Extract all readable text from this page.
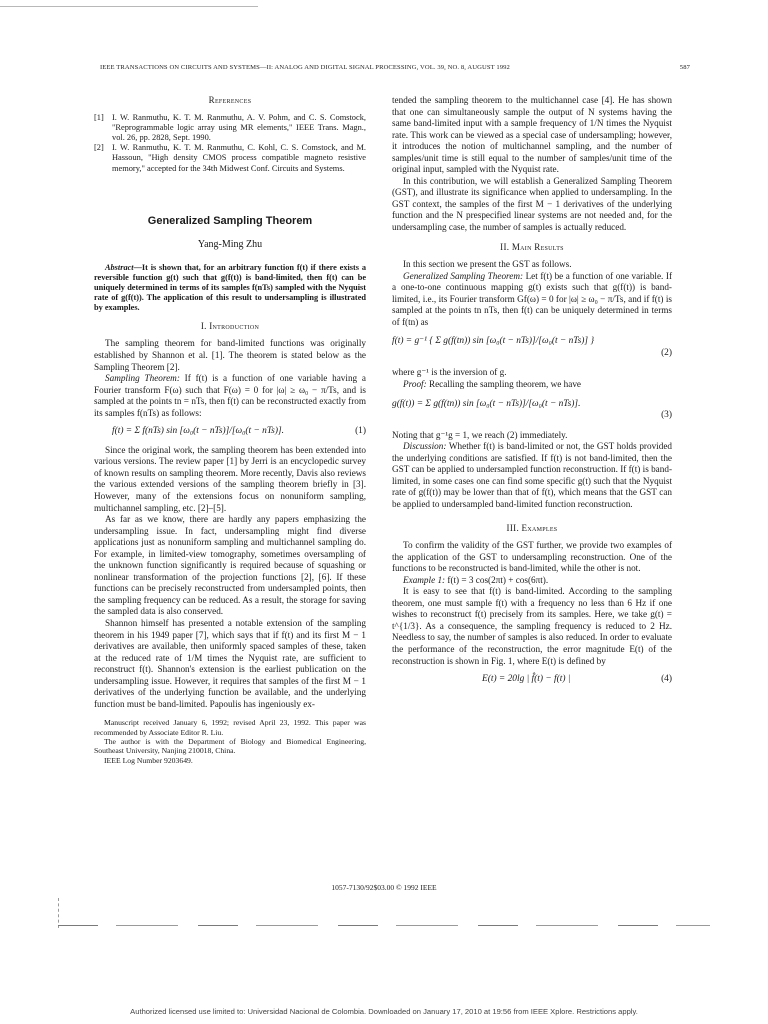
IEEE TRANSACTIONS ON CIRCUITS AND SYSTEMS—II: ANALOG AND DIGITAL SIGNAL PROCESSING, VOL. 39, NO. 8, AUGUST 1992	587
References
[1] I. W. Ranmuthu, K. T. M. Ranmuthu, A. V. Pohm, and C. S. Comstock, "Reprogrammable logic array using MR elements," IEEE Trans. Magn., vol. 26, pp. 2828, Sept. 1990.
[2] I. W. Ranmuthu, K. T. M. Ranmuthu, C. Kohl, C. S. Comstock, and M. Hassoun, "High density CMOS process compatible magneto resistive memory," accepted for the 34th Midwest Conf. Circuits and Systems.
Generalized Sampling Theorem
Yang-Ming Zhu

Abstract—It is shown that, for an arbitrary function f(t) if there exists a reversible function g(t) such that g(f(t)) is band-limited, then f(t) can be uniquely determined in terms of its samples f(nTs) sampled with the Nyquist rate of g(f(t)). The application of this result to undersampling is illustrated by examples.

I. Introduction

The sampling theorem for band-limited functions was originally established by Shannon et al. [1]. The theorem is stated below as the Sampling Theorem [2].

Sampling Theorem: If f(t) is a function of one variable having a Fourier transform F(ω) such that F(ω) = 0 for |ω| ≥ ω₀ − π/Ts, and is sampled at the points tn = nTs, then f(t) can be reconstructed exactly from its samples f(nTs) as follows:

f(t) = Σ f(nTs) sin [ω₀(t − nTs)]/[ω₀(t − nTs)].	(1)

Since the original work, the sampling theorem has been extended into various versions. The review paper [1] by Jerri is an encyclopedic survey of known results on sampling theorem. More recently, Davis also reviews the various extended versions of the sampling theorem briefly in [3]. However, many of the extensions focus on nonuniform sampling, multichannel sampling, etc. [2]–[5].

As far as we know, there are hardly any papers emphasizing the undersampling issue. In fact, undersampling might find diverse applications just as nonuniform sampling and multichannel sampling do. For example, in limited-view tomography, sometimes oversampling of the unknown function significantly is required because of squashing or nonlinear transformation of the projection functions [2], [6]. If these functions can be precisely reconstructed from undersampled points, then the sampling frequency can be reduced. As a result, the storage for saving the sampled data is also conserved.

Shannon himself has presented a notable extension of the sampling theorem in his 1949 paper [7], which says that if f(t) and its first M − 1 derivatives are available, then uniformly spaced samples of these, taken at the reduced rate of 1/M times the Nyquist rate, are sufficient to reconstruct f(t). Shannon's extension is the earliest publication on the undersampling issue. However, it requires that samples of the first M − 1 derivatives of the underlying function be available, and the underlying function must be band-limited. Papoulis has ingeniously ex-

Manuscript received January 6, 1992; revised April 23, 1992. This paper was recommended by Associate Editor R. Liu.

The author is with the Department of Biology and Biomedical Engineering, Southeast University, Nanjing 210018, China.

IEEE Log Number 9203649.

tended the sampling theorem to the multichannel case [4]. He has shown that one can simultaneously sample the output of N systems having the same band-limited input with a sample frequency of 1/N times the Nyquist rate. This work can be viewed as a special case of undersampling; however, it introduces the notion of multichannel sampling, and the number of samples/unit time is still equal to the number of samples/unit time of the original input, sampled with the Nyquist rate.

In this contribution, we will establish a Generalized Sampling Theorem (GST), and illustrate its significance when applied to undersampling. In the GST context, the samples of the first M − 1 derivatives of the underlying function and the N prespecified linear systems are not needed and, for the undersampling case, the number of samples is actually reduced.

II. Main Results

In this section we present the GST as follows.

Generalized Sampling Theorem: Let f(t) be a function of one variable. If a one-to-one continuous mapping g(t) exists such that g(f(t)) is band-limited, i.e., its Fourier transform Gf(ω) = 0 for |ω| ≥ ω₀ − π/Ts, and if f(t) is sampled at the points tn nTs, then f(t) can be uniquely determined in terms of f(tn) as

f(t) = g⁻¹ { Σ g(f(tn)) sin [ω₀(t − nTs)]/[ω₀(t − nTs)] }
(2)

where g⁻¹ is the inversion of g.

Proof: Recalling the sampling theorem, we have

g(f(t)) = Σ g(f(tn)) sin [ω₀(t − nTs)]/[ω₀(t − nTs)].
(3)

Noting that g⁻¹g = 1, we reach (2) immediately.

Discussion: Whether f(t) is band-limited or not, the GST holds provided the underlying conditions are satisfied. If f(t) is not band-limited, then the GST can be applied to undersampled function reconstruction. If f(t) is band-limited, in some cases one can find some specific g(t) such that the Nyquist rate of g(f(t)) may be lower than that of f(t), which means that the GST can be applied to undersampled band-limited function reconstruction.

III. Examples

To confirm the validity of the GST further, we provide two examples of the application of the GST to undersampling reconstruction. One of the functions to be reconstructed is band-limited, while the other is not.

Example 1: f(t) = 3 cos(2πt) + cos(6πt).

It is easy to see that f(t) is band-limited. According to the sampling theorem, one must sample f(t) with a frequency no less than 6 Hz if one wishes to reconstruct f(t) precisely from its samples. Here, we take g(t) = t^{1/3}. As a consequence, the sampling frequency is reduced to 2 Hz. Needless to say, the number of samples is also reduced. In order to evaluate the performance of the reconstruction, the error magnitude E(t) of the reconstruction is shown in Fig. 1, where E(t) is defined by

E(t) = 20lg | f̂(t) − f(t) |	(4)
1057-7130/92$03.00 © 1992 IEEE
Authorized licensed use limited to: Universidad Nacional de Colombia. Downloaded on January 17, 2010 at 19:56 from IEEE Xplore. Restrictions apply.
